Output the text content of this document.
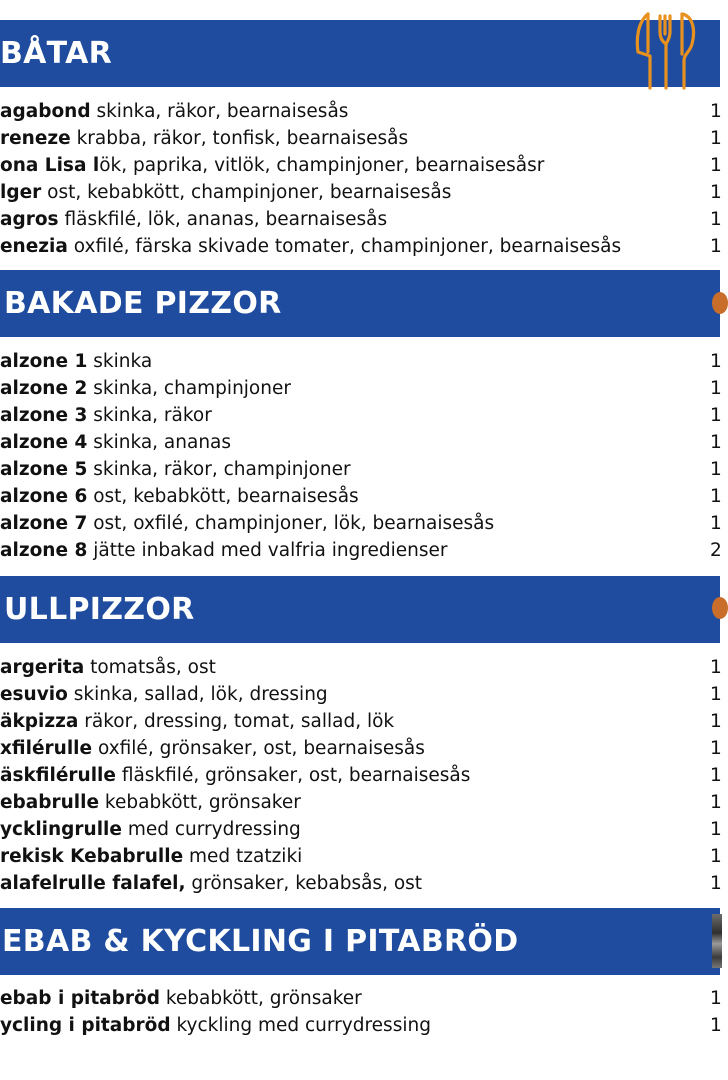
BÅTAR
agabond skinka, räkor, bearnaisesås	1
reneze krabba, räkor, tonfisk, bearnaisesås	1
ona Lisa lök, paprika, vitlök, champinjoner, bearnaisesåsr	1
lger ost, kebabkött, champinjoner, bearnaisesås	1
agros fläskfilé, lök, ananas, bearnaisesås	1
enezia oxfilé, färska skivade tomater, champinjoner, bearnaisesås	1
BAKADE PIZZOR
alzone 1 skinka	1
alzone 2 skinka, champinjoner	1
alzone 3 skinka, räkor	1
alzone 4 skinka, ananas	1
alzone 5 skinka, räkor, champinjoner	1
alzone 6 ost, kebabkött, bearnaisesås	1
alzone 7 ost, oxfilé, champinjoner, lök, bearnaisesås	1
alzone 8 jätte inbakad med valfria ingredienser	2
ULLPIZZOR
argerita tomatsås, ost	1
esuvio skinka, sallad, lök, dressing	1
äkpizza räkor, dressing, tomat, sallad, lök	1
xfilérulle oxfilé, grönsaker, ost, bearnaisesås	1
äskfilérulle fläskfilé, grönsaker, ost, bearnaisesås	1
ebabrulle kebabkött, grönsaker	1
ycklingrulle med currydressing	1
rekisk Kebabrulle med tzatziki	1
alafelrulle falafel, grönsaker, kebabsås, ost	1
EBAB & KYCKLING I PITABRÖD
ebab i pitabröd kebabkött, grönsaker	1
ycling i pitabröd kyckling med currydressing	1
